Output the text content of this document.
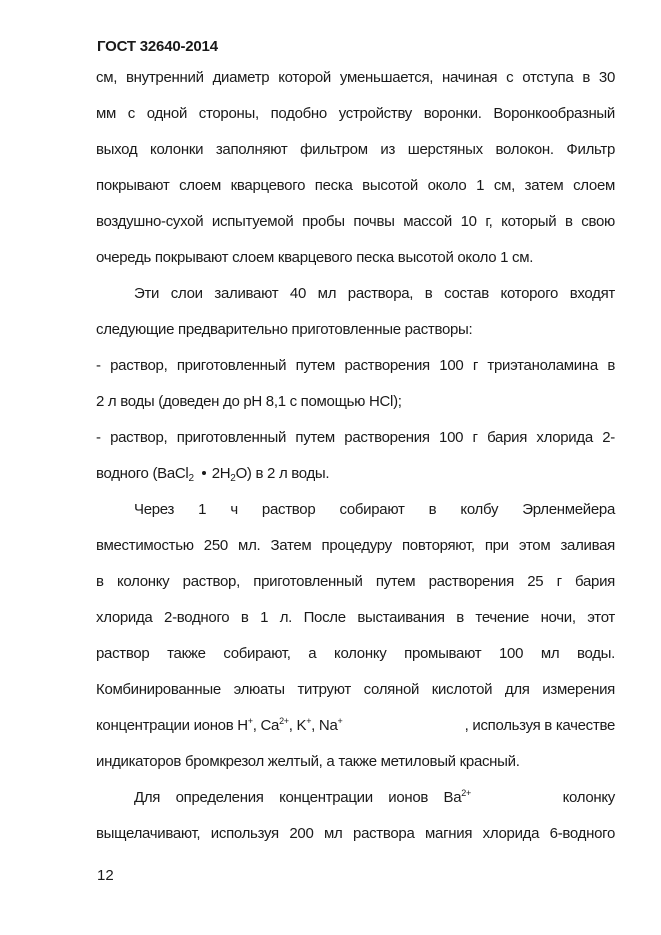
ГОСТ 32640-2014
см, внутренний диаметр которой уменьшается, начиная с отступа в 30
мм с одной стороны, подобно устройству воронки. Воронкообразный
выход колонки заполняют фильтром из шерстяных волокон. Фильтр
покрывают слоем кварцевого песка высотой около 1 см, затем слоем
воздушно-сухой испытуемой пробы почвы массой 10 г, который в свою
очередь покрывают слоем кварцевого песка высотой около 1 см.
Эти слои заливают 40 мл раствора, в состав которого входят
следующие предварительно приготовленные растворы:
- раствор, приготовленный путем растворения 100 г триэтаноламина в
2 л воды (доведен до pH 8,1 с помощью HCl);
- раствор, приготовленный путем растворения 100 г бария хлорида 2-
водного (BaCl$_2$ $2H_2O$) в 2 л воды.
Через 1 ч раствор собирают в колбу Эрленмейера
вместимостью 250 мл. Затем процедуру повторяют, при этом заливая
в колонку раствор, приготовленный путем растворения 25 г бария
хлорида 2-водного в 1 л. После выстаивания в течение ночи, этот
раствор также собирают, а колонку промывают 100 мл воды.
Комбинированные элюаты титруют соляной кислотой для измерения
концентрации ионов H+, $Ca^{2+}$, K+, Na+	, используя в качестве
индикаторов бромкрезол желтый, а также метиловый красный.
Для    определения    концентрации    ионов    $Ba^{2+}$	колонку
выщелачивают, используя 200 мл раствора магния хлорида 6-водного
12
